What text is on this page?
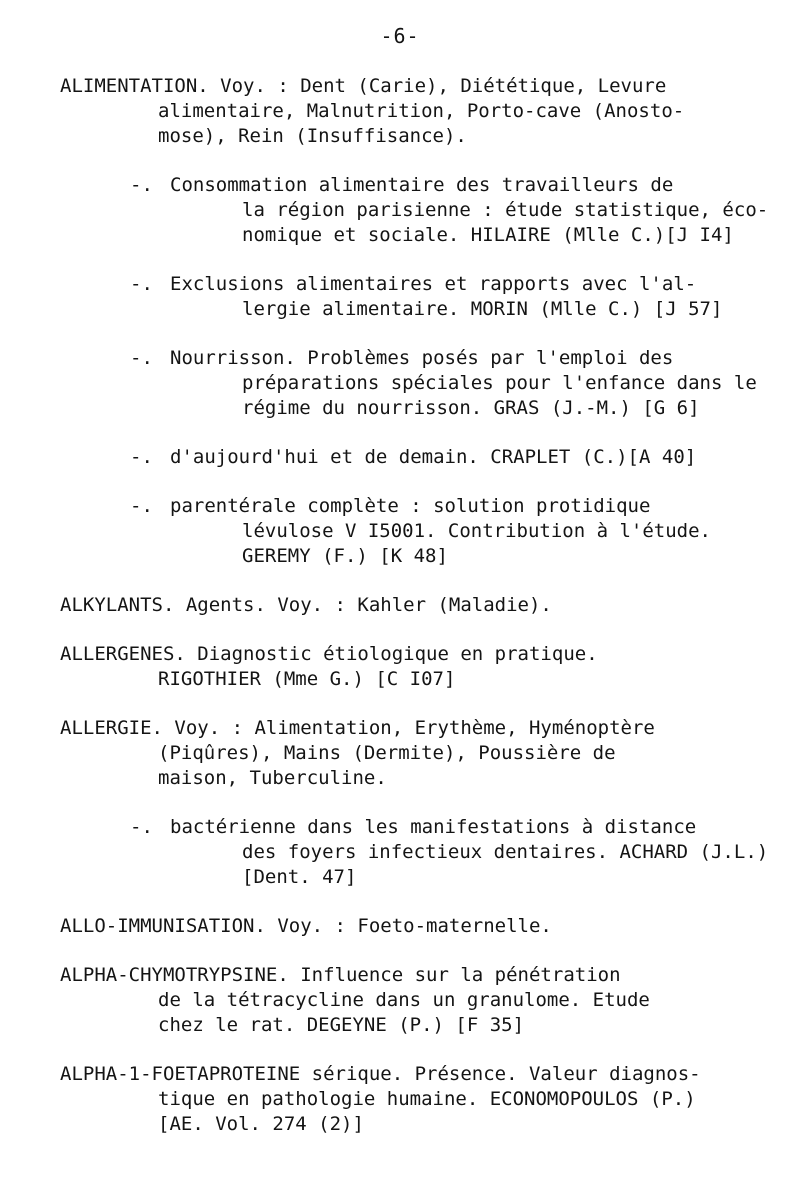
-6-
ALIMENTATION. Voy. : Dent (Carie), Diététique, Levure
alimentaire, Malnutrition, Porto-cave (Anosto-
mose), Rein (Insuffisance).
-. Consommation alimentaire des travailleurs de
la région parisienne : étude statistique, éco-
nomique et sociale. HILAIRE (Mlle C.)[J I4]
-. Exclusions alimentaires et rapports avec l'al-
lergie alimentaire. MORIN (Mlle C.) [J 57]
-. Nourrisson. Problèmes posés par l'emploi des
préparations spéciales pour l'enfance dans le
régime du nourrisson. GRAS (J.-M.) [G 6]
-. d'aujourd'hui et de demain. CRAPLET (C.)[A 40]
-. parentérale complète : solution protidique
lévulose V I5001. Contribution à l'étude.
GEREMY (F.) [K 48]
ALKYLANTS. Agents. Voy. : Kahler (Maladie).
ALLERGENES. Diagnostic étiologique en pratique.
RIGOTHIER (Mme G.) [C I07]
ALLERGIE. Voy. : Alimentation, Erythème, Hyménoptère
(Piqûres), Mains (Dermite), Poussière de
maison, Tuberculine.
-. bactérienne dans les manifestations à distance
des foyers infectieux dentaires. ACHARD (J.L.)
[Dent. 47]
ALLO-IMMUNISATION. Voy. : Foeto-maternelle.
ALPHA-CHYMOTRYPSINE. Influence sur la pénétration
de la tétracycline dans un granulome. Etude
chez le rat. DEGEYNE (P.) [F 35]
ALPHA-1-FOETAPROTEINE sérique. Présence. Valeur diagnos-
tique en pathologie humaine. ECONOMOPOULOS (P.)
[AE. Vol. 274 (2)]
